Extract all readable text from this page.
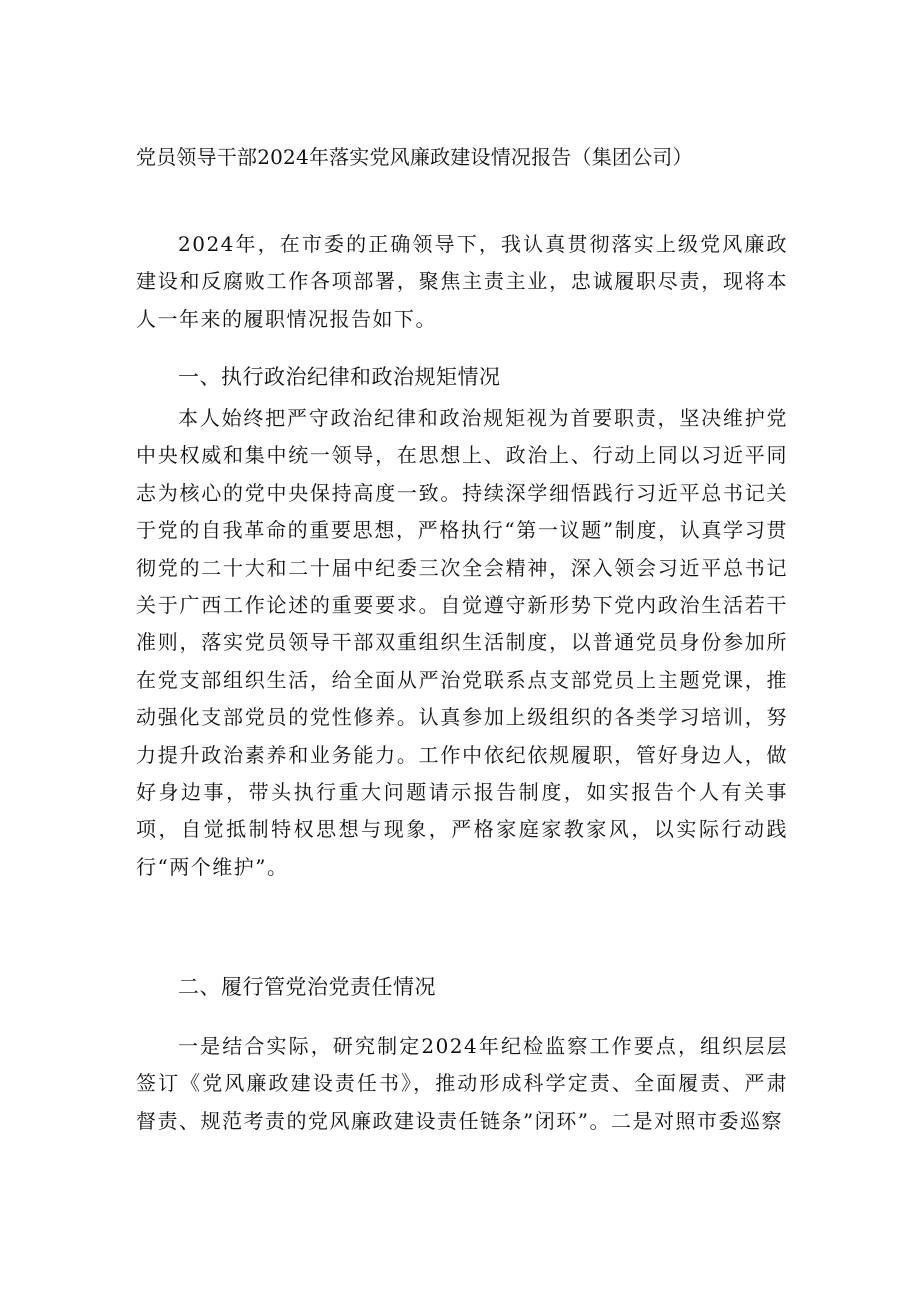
党员领导干部2024年落实党风廉政建设情况报告（集团公司）

2024年，在市委的正确领导下，我认真贯彻落实上级党风廉政建设和反腐败工作各项部署，聚焦主责主业，忠诚履职尽责，现将本人一年来的履职情况报告如下。

一、执行政治纪律和政治规矩情况

本人始终把严守政治纪律和政治规矩视为首要职责，坚决维护党中央权威和集中统一领导，在思想上、政治上、行动上同以习近平同志为核心的党中央保持高度一致。持续深学细悟践行习近平总书记关于党的自我革命的重要思想，严格执行“第一议题”制度，认真学习贯彻党的二十大和二十届中纪委三次全会精神，深入领会习近平总书记关于广西工作论述的重要要求。自觉遵守新形势下党内政治生活若干准则，落实党员领导干部双重组织生活制度，以普通党员身份参加所在党支部组织生活，给全面从严治党联系点支部党员上主题党课，推动强化支部党员的党性修养。认真参加上级组织的各类学习培训，努力提升政治素养和业务能力。工作中依纪依规履职，管好身边人，做好身边事，带头执行重大问题请示报告制度，如实报告个人有关事项，自觉抵制特权思想与现象，严格家庭家教家风，以实际行动践行“两个维护”。

二、履行管党治党责任情况

一是结合实际，研究制定2024年纪检监察工作要点，组织层层签订《党风廉政建设责任书》，推动形成科学定责、全面履责、严肃督责、规范考责的党风廉政建设责任链条”闭环”。二是对照市委巡察
